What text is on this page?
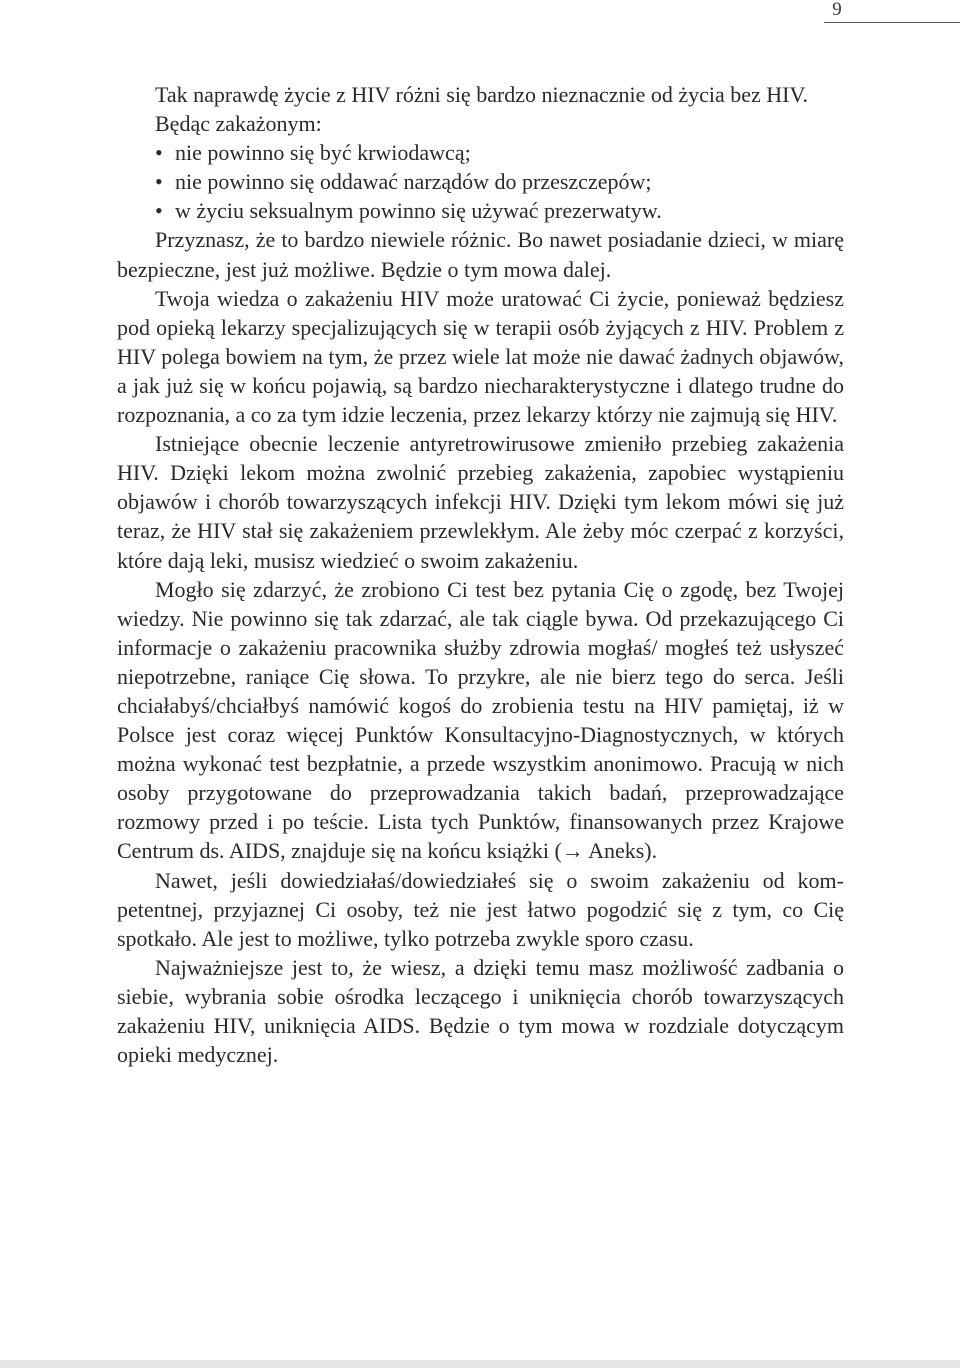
9

Tak naprawdę życie z HIV różni się bardzo nieznacznie od życia bez HIV.

Będąc zakażonym:

• nie powinno się być krwiodawcą;
• nie powinno się oddawać narządów do przeszczepów;
• w życiu seksualnym powinno się używać prezerwatyw.

Przyznasz, że to bardzo niewiele różnic. Bo nawet posiadanie dzieci, w miarę bezpieczne, jest już możliwe. Będzie o tym mowa dalej.

Twoja wiedza o zakażeniu HIV może uratować Ci życie, ponieważ będziesz pod opieką lekarzy specjalizujących się w terapii osób żyjących z HIV. Problem z HIV polega bowiem na tym, że przez wiele lat może nie dawać żadnych objawów, a jak już się w końcu pojawią, są bardzo niecharakterystyczne i dlatego trudne do rozpoznania, a co za tym idzie leczenia, przez lekarzy którzy nie zajmują się HIV.

Istniejące obecnie leczenie antyretrowirusowe zmieniło przebieg zakażenia HIV. Dzięki lekom można zwolnić przebieg zakażenia, zapobiec wystąpieniu objawów i chorób towarzyszących infekcji HIV. Dzięki tym lekom mówi się już teraz, że HIV stał się zakażeniem przewlekłym. Ale żeby móc czerpać z korzyści, które dają leki, musisz wiedzieć o swoim zakażeniu.

Mogło się zdarzyć, że zrobiono Ci test bez pytania Cię o zgodę, bez Twojej wiedzy. Nie powinno się tak zdarzać, ale tak ciągle bywa. Od przekazującego Ci informacje o zakażeniu pracownika służby zdrowia mogłaś/ mogłeś też usłyszeć niepotrzebne, raniące Cię słowa. To przykre, ale nie bierz tego do serca. Jeśli chciałabyś/chciałbyś namówić kogoś do zrobienia testu na HIV pamiętaj, iż w Polsce jest coraz więcej Punktów Konsultacyjno-Diagnostycznych, w których można wykonać test bezpłatnie, a przede wszystkim anonimowo. Pracują w nich osoby przygotowane do przeprowadzania takich badań, przeprowadzające rozmowy przed i po teście. Lista tych Punktów, finansowanych przez Krajowe Centrum ds. AIDS, znajduje się na końcu książki (→ Aneks).

Nawet, jeśli dowiedziałaś/dowiedziałeś się o swoim zakażeniu od kompetentnej, przyjaznej Ci osoby, też nie jest łatwo pogodzić się z tym, co Cię spotkało. Ale jest to możliwe, tylko potrzeba zwykle sporo czasu.

Najważniejsze jest to, że wiesz, a dzięki temu masz możliwość zadbania o siebie, wybrania sobie ośrodka leczącego i uniknięcia chorób towarzyszących zakażeniu HIV, uniknięcia AIDS. Będzie o tym mowa w rozdziale dotyczącym opieki medycznej.
